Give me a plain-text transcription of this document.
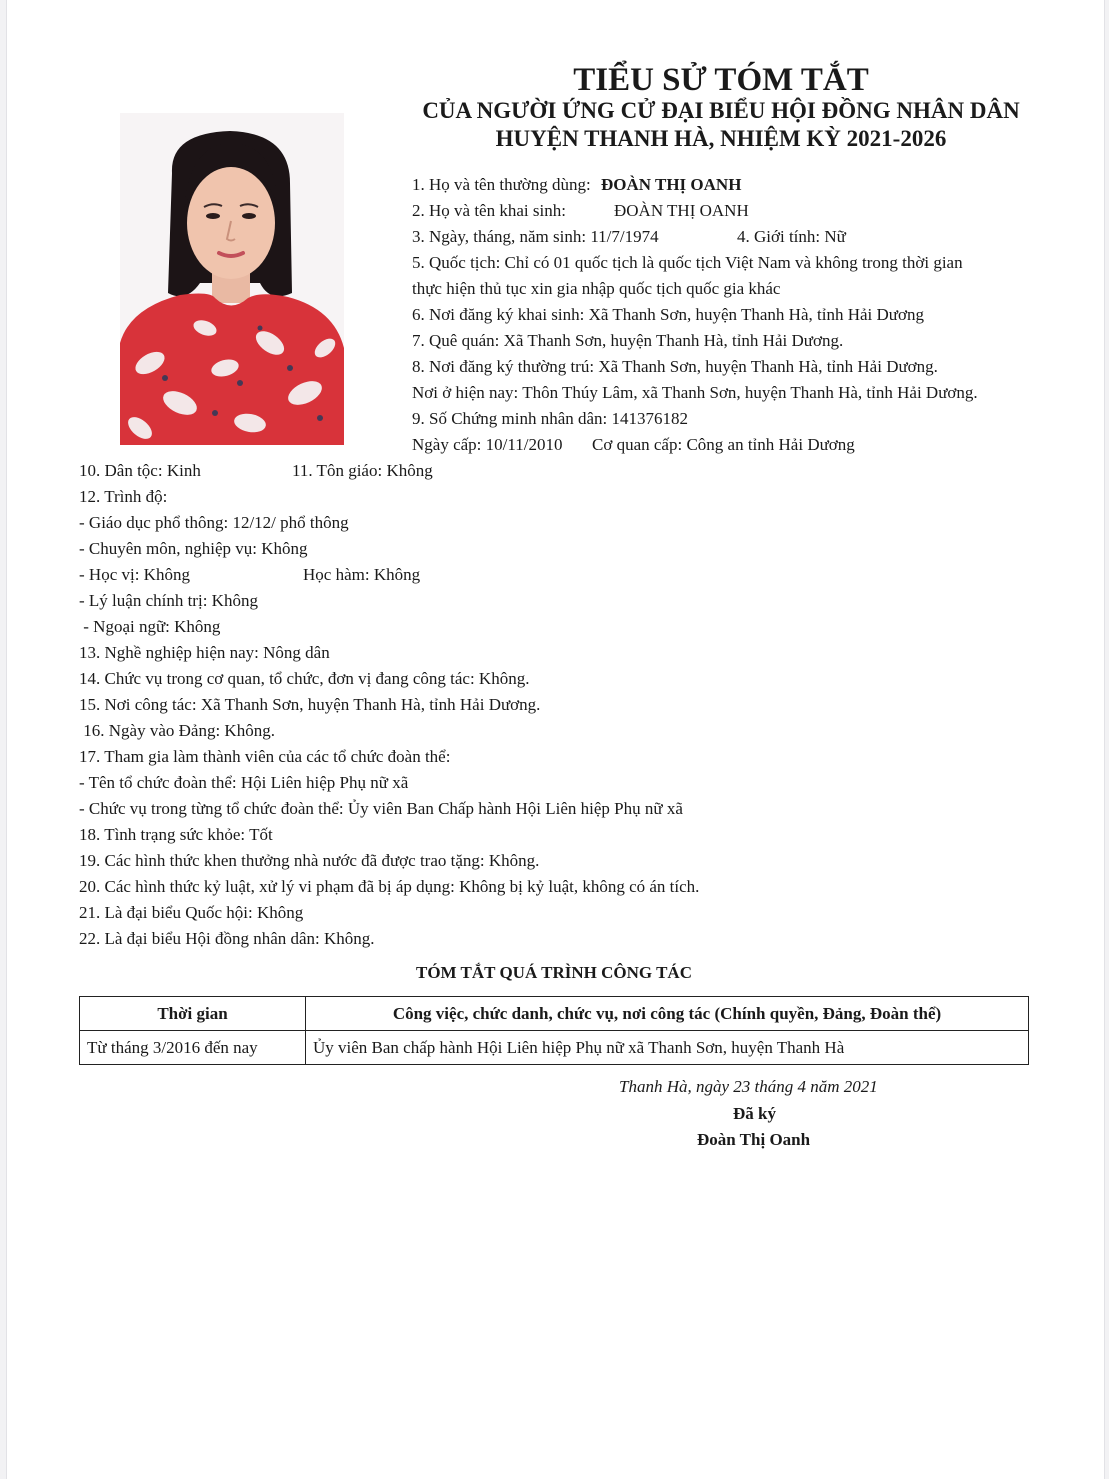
TIỂU SỬ TÓM TẮT
CỦA NGƯỜI ỨNG CỬ ĐẠI BIỂU HỘI ĐỒNG NHÂN DÂN
HUYỆN THANH HÀ, NHIỆM KỲ 2021-2026
1. Họ và tên thường dùng: ĐOÀN THỊ OANH
2. Họ và tên khai sinh:	ĐOÀN THỊ OANH
3. Ngày, tháng, năm sinh: 11/7/1974	4. Giới tính: Nữ
5. Quốc tịch: Chỉ có 01 quốc tịch là quốc tịch Việt Nam và không trong thời gian
thực hiện thủ tục xin gia nhập quốc tịch quốc gia khác
6. Nơi đăng ký khai sinh: Xã Thanh Sơn, huyện Thanh Hà, tỉnh Hải Dương
7. Quê quán: Xã Thanh Sơn, huyện Thanh Hà, tỉnh Hải Dương.
8. Nơi đăng ký thường trú: Xã Thanh Sơn, huyện Thanh Hà, tỉnh Hải Dương.
Nơi ở hiện nay: Thôn Thúy Lâm, xã Thanh Sơn, huyện Thanh Hà, tỉnh Hải Dương.
9. Số Chứng minh nhân dân: 141376182
Ngày cấp: 10/11/2010 Cơ quan cấp: Công an tỉnh Hải Dương
10. Dân tộc: Kinh	11. Tôn giáo: Không
12. Trình độ:
- Giáo dục phổ thông: 12/12/ phổ thông
- Chuyên môn, nghiệp vụ: Không
- Học vị: Không	Học hàm: Không
- Lý luận chính trị: Không
- Ngoại ngữ: Không
13. Nghề nghiệp hiện nay: Nông dân
14. Chức vụ trong cơ quan, tổ chức, đơn vị đang công tác: Không.
15. Nơi công tác: Xã Thanh Sơn, huyện Thanh Hà, tỉnh Hải Dương.
16. Ngày vào Đảng: Không.
17. Tham gia làm thành viên của các tổ chức đoàn thể:
- Tên tổ chức đoàn thể: Hội Liên hiệp Phụ nữ xã
- Chức vụ trong từng tổ chức đoàn thể: Ủy viên Ban Chấp hành Hội Liên hiệp Phụ nữ xã
18. Tình trạng sức khỏe: Tốt
19. Các hình thức khen thưởng nhà nước đã được trao tặng: Không.
20. Các hình thức kỷ luật, xử lý vi phạm đã bị áp dụng: Không bị kỷ luật, không có án tích.
21. Là đại biểu Quốc hội: Không
22. Là đại biểu Hội đồng nhân dân: Không.
TÓM TẮT QUÁ TRÌNH CÔNG TÁC
Thời gian	Công việc, chức danh, chức vụ, nơi công tác (Chính quyền, Đảng, Đoàn thể)
Từ tháng 3/2016 đến nay	Ủy viên Ban chấp hành Hội Liên hiệp Phụ nữ xã Thanh Sơn, huyện Thanh Hà
Thanh Hà, ngày 23 tháng 4 năm 2021
Đã ký
Đoàn Thị Oanh
